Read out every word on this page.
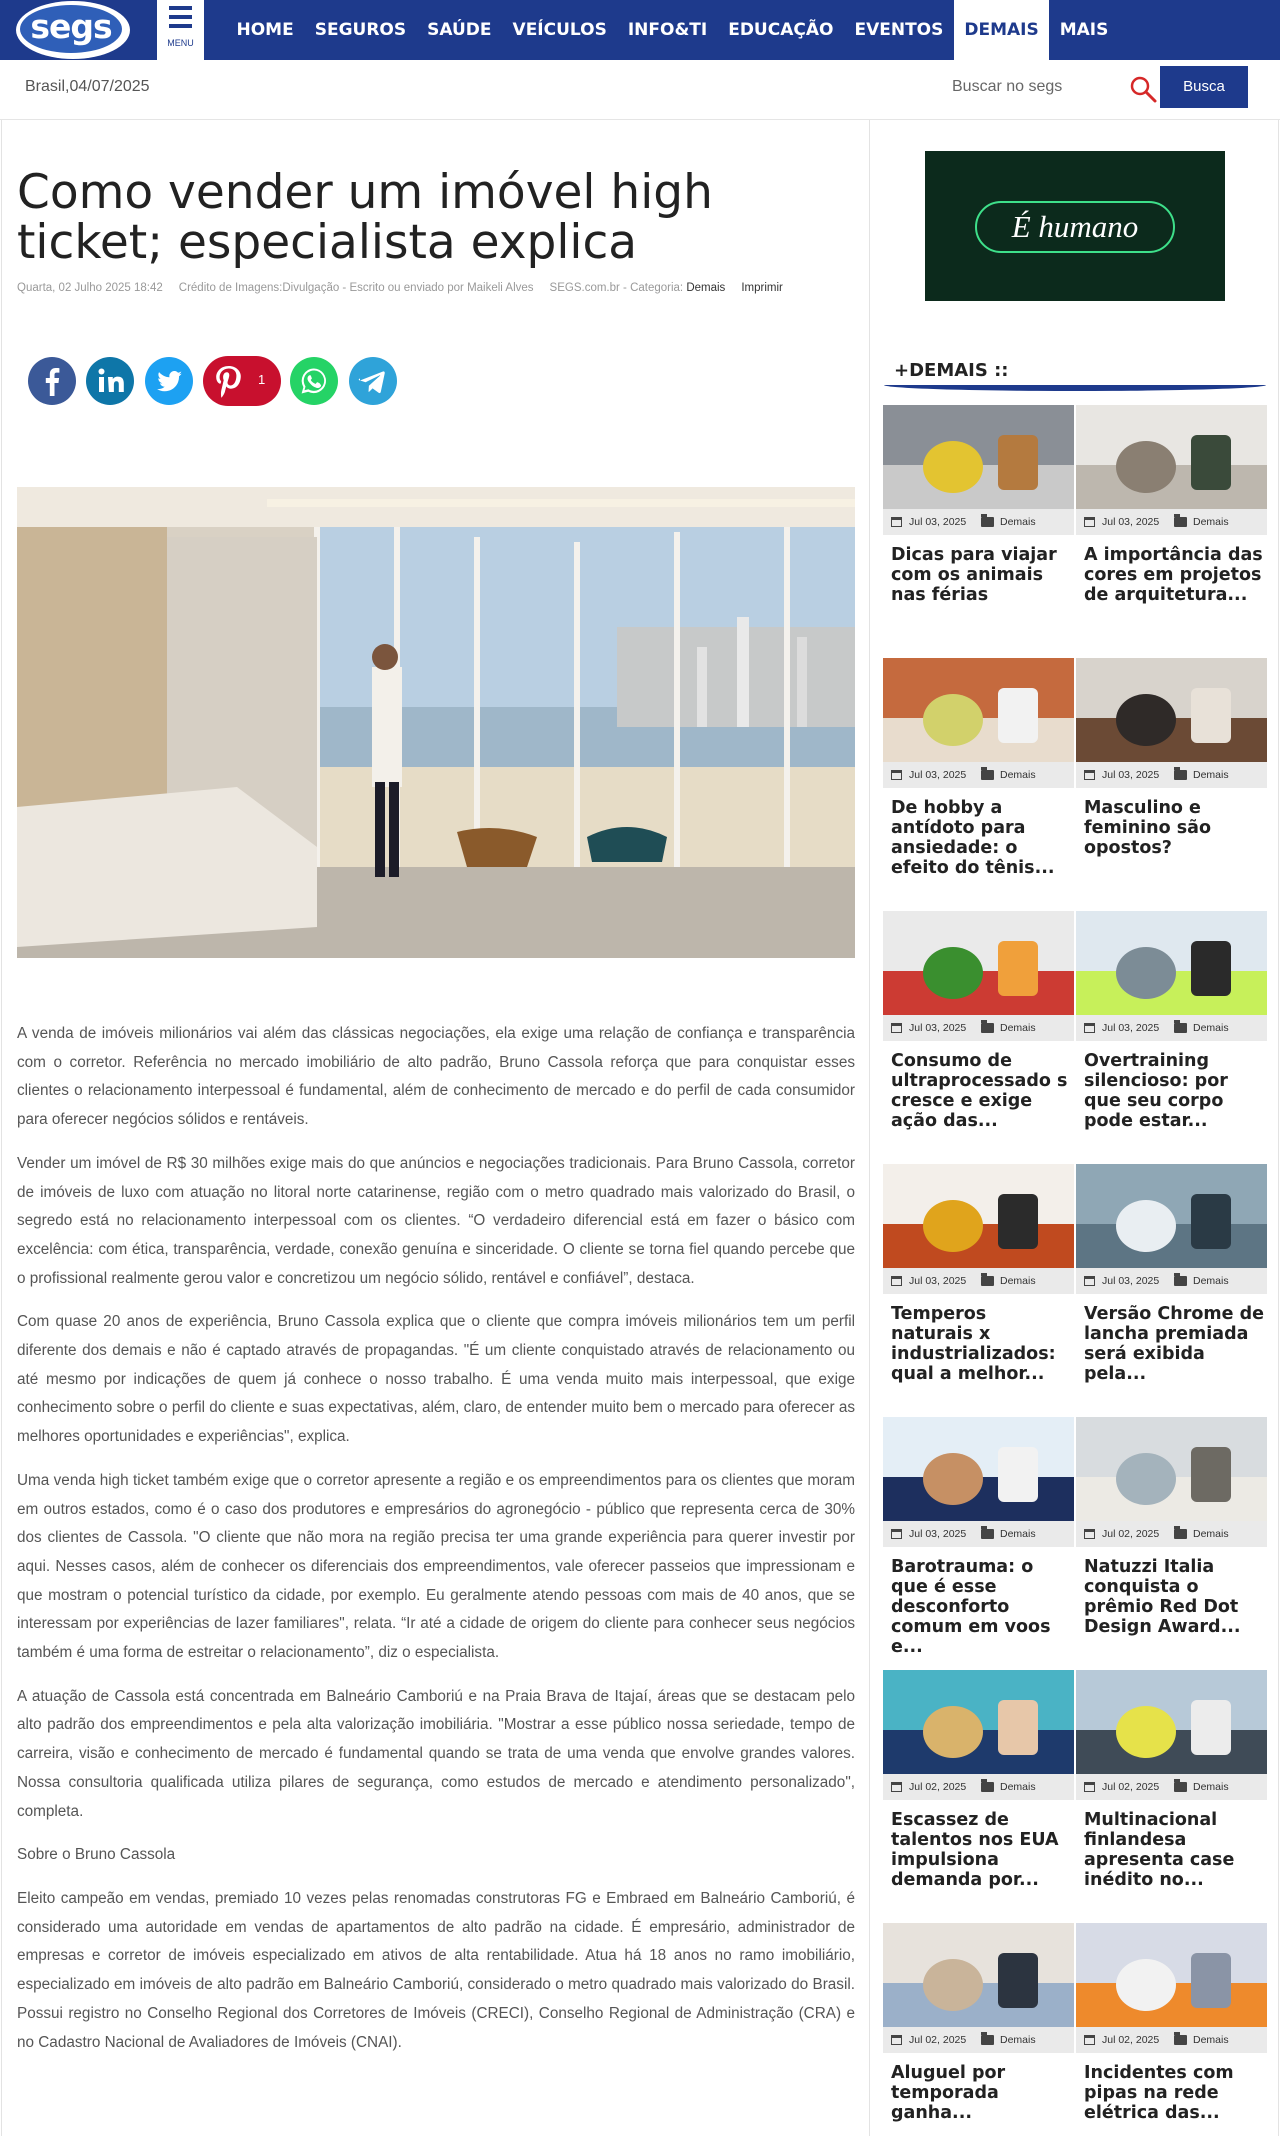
segs	MENU
HOME	SEGUROS	SAÚDE	VEÍCULOS	INFO&TI	EDUCAÇÃO	EVENTOS	DEMAIS	MAIS
Brasil,04/07/2025	Buscar no segs	Busca
Como vender um imóvel high ticket; especialista explica
Quarta, 02 Julho 2025 18:42 Crédito de Imagens:Divulgação - Escrito ou enviado por Maikeli Alves SEGS.com.br - Categoria: Demais Imprimir
1

A venda de imóveis milionários vai além das clássicas negociações, ela exige uma relação de confiança e transparência com o corretor. Referência no mercado imobiliário de alto padrão, Bruno Cassola reforça que para conquistar esses clientes o relacionamento interpessoal é fundamental, além de conhecimento de mercado e do perfil de cada consumidor para oferecer negócios sólidos e rentáveis.

Vender um imóvel de R$ 30 milhões exige mais do que anúncios e negociações tradicionais. Para Bruno Cassola, corretor de imóveis de luxo com atuação no litoral norte catarinense, região com o metro quadrado mais valorizado do Brasil, o segredo está no relacionamento interpessoal com os clientes. “O verdadeiro diferencial está em fazer o básico com excelência: com ética, transparência, verdade, conexão genuína e sinceridade. O cliente se torna fiel quando percebe que o profissional realmente gerou valor e concretizou um negócio sólido, rentável e confiável”, destaca.

Com quase 20 anos de experiência, Bruno Cassola explica que o cliente que compra imóveis milionários tem um perfil diferente dos demais e não é captado através de propagandas. "É um cliente conquistado através de relacionamento ou até mesmo por indicações de quem já conhece o nosso trabalho. É uma venda muito mais interpessoal, que exige conhecimento sobre o perfil do cliente e suas expectativas, além, claro, de entender muito bem o mercado para oferecer as melhores oportunidades e experiências", explica.

Uma venda high ticket também exige que o corretor apresente a região e os empreendimentos para os clientes que moram em outros estados, como é o caso dos produtores e empresários do agronegócio - público que representa cerca de 30% dos clientes de Cassola. "O cliente que não mora na região precisa ter uma grande experiência para querer investir por aqui. Nesses casos, além de conhecer os diferenciais dos empreendimentos, vale oferecer passeios que impressionam e que mostram o potencial turístico da cidade, por exemplo. Eu geralmente atendo pessoas com mais de 40 anos, que se interessam por experiências de lazer familiares", relata. “Ir até a cidade de origem do cliente para conhecer seus negócios também é uma forma de estreitar o relacionamento”, diz o especialista.

A atuação de Cassola está concentrada em Balneário Camboriú e na Praia Brava de Itajaí, áreas que se destacam pelo alto padrão dos empreendimentos e pela alta valorização imobiliária. "Mostrar a esse público nossa seriedade, tempo de carreira, visão e conhecimento de mercado é fundamental quando se trata de uma venda que envolve grandes valores. Nossa consultoria qualificada utiliza pilares de segurança, como estudos de mercado e atendimento personalizado", completa.

Sobre o Bruno Cassola

Eleito campeão em vendas, premiado 10 vezes pelas renomadas construtoras FG e Embraed em Balneário Camboriú, é considerado uma autoridade em vendas de apartamentos de alto padrão na cidade. É empresário, administrador de empresas e corretor de imóveis especializado em ativos de alta rentabilidade. Atua há 18 anos no ramo imobiliário, especializado em imóveis de alto padrão em Balneário Camboriú, considerado o metro quadrado mais valorizado do Brasil. Possui registro no Conselho Regional dos Corretores de Imóveis (CRECI), Conselho Regional de Administração (CRA) e no Cadastro Nacional de Avaliadores de Imóveis (CNAI).

É humano
+DEMAIS ::
Jul 03, 2025	Demais
Dicas para viajar com os animais nas férias
Jul 03, 2025	Demais
A importância das cores em projetos de arquitetura...
Jul 03, 2025	Demais
De hobby a antídoto para ansiedade: o efeito do tênis...
Jul 03, 2025	Demais
Masculino e feminino são opostos?
Jul 03, 2025	Demais
Consumo de ultraprocessado s cresce e exige ação das...
Jul 03, 2025	Demais
Overtraining silencioso: por que seu corpo pode estar...
Jul 03, 2025	Demais
Temperos naturais x industrializados: qual a melhor...
Jul 03, 2025	Demais
Versão Chrome de lancha premiada será exibida pela...
Jul 03, 2025	Demais
Barotrauma: o que é esse desconforto comum em voos e...
Jul 02, 2025	Demais
Natuzzi Italia conquista o prêmio Red Dot Design Award...
Jul 02, 2025	Demais
Escassez de talentos nos EUA impulsiona demanda por...
Jul 02, 2025	Demais
Multinacional finlandesa apresenta case inédito no...
Jul 02, 2025	Demais
Aluguel por temporada ganha...
Jul 02, 2025	Demais
Incidentes com pipas na rede elétrica das...
